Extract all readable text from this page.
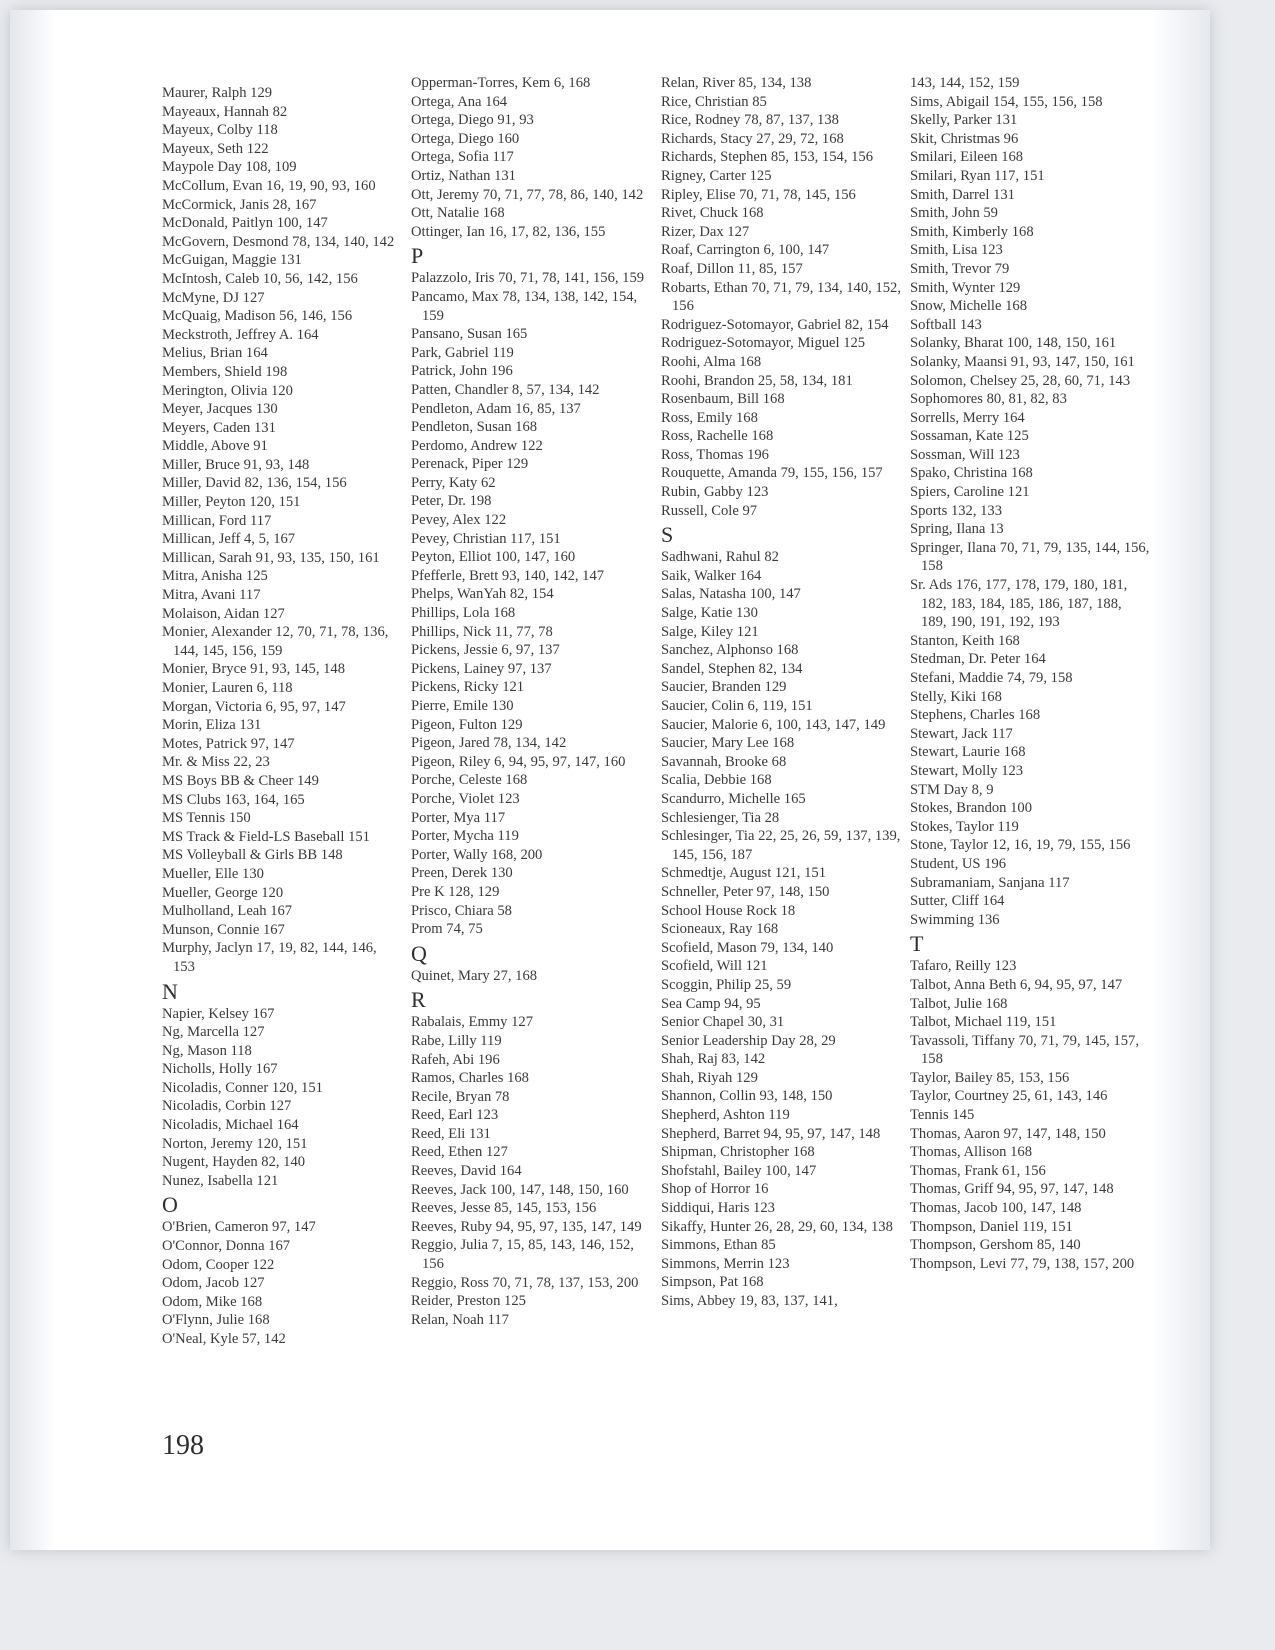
Maurer, Ralph 129
Mayeaux, Hannah 82
Mayeux, Colby 118
Mayeux, Seth 122
Maypole Day 108, 109
McCollum, Evan 16, 19, 90, 93, 160
McCormick, Janis 28, 167
McDonald, Paitlyn 100, 147
McGovern, Desmond 78, 134, 140, 142
McGuigan, Maggie 131
McIntosh, Caleb 10, 56, 142, 156
McMyne, DJ 127
McQuaig, Madison 56, 146, 156
Meckstroth, Jeffrey A. 164
Melius, Brian 164
Members, Shield 198
Merington, Olivia 120
Meyer, Jacques 130
Meyers, Caden 131
Middle, Above 91
Miller, Bruce 91, 93, 148
Miller, David 82, 136, 154, 156
Miller, Peyton 120, 151
Millican, Ford 117
Millican, Jeff 4, 5, 167
Millican, Sarah 91, 93, 135, 150, 161
Mitra, Anisha 125
Mitra, Avani 117
Molaison, Aidan 127
Monier, Alexander 12, 70, 71, 78, 136, 144, 145, 156, 159
Monier, Bryce 91, 93, 145, 148
Monier, Lauren 6, 118
Morgan, Victoria 6, 95, 97, 147
Morin, Eliza 131
Motes, Patrick 97, 147
Mr. & Miss 22, 23
MS Boys BB & Cheer 149
MS Clubs 163, 164, 165
MS Tennis 150
MS Track & Field-LS Baseball 151
MS Volleyball & Girls BB 148
Mueller, Elle 130
Mueller, George 120
Mulholland, Leah 167
Munson, Connie 167
Murphy, Jaclyn 17, 19, 82, 144, 146, 153
N
Napier, Kelsey 167
Ng, Marcella 127
Ng, Mason 118
Nicholls, Holly 167
Nicoladis, Conner 120, 151
Nicoladis, Corbin 127
Nicoladis, Michael 164
Norton, Jeremy 120, 151
Nugent, Hayden 82, 140
Nunez, Isabella 121
O
O'Brien, Cameron 97, 147
O'Connor, Donna 167
Odom, Cooper 122
Odom, Jacob 127
Odom, Mike 168
O'Flynn, Julie 168
O'Neal, Kyle 57, 142
Opperman-Torres, Kem 6, 168
Ortega, Ana 164
Ortega, Diego 91, 93
Ortega, Diego 160
Ortega, Sofia 117
Ortiz, Nathan 131
Ott, Jeremy 70, 71, 77, 78, 86, 140, 142
Ott, Natalie 168
Ottinger, Ian 16, 17, 82, 136, 155
P
Palazzolo, Iris 70, 71, 78, 141, 156, 159
Pancamo, Max 78, 134, 138, 142, 154, 159
Pansano, Susan 165
Park, Gabriel 119
Patrick, John 196
Patten, Chandler 8, 57, 134, 142
Pendleton, Adam 16, 85, 137
Pendleton, Susan 168
Perdomo, Andrew 122
Perenack, Piper 129
Perry, Katy 62
Peter, Dr. 198
Pevey, Alex 122
Pevey, Christian 117, 151
Peyton, Elliot 100, 147, 160
Pfefferle, Brett 93, 140, 142, 147
Phelps, WanYah 82, 154
Phillips, Lola 168
Phillips, Nick 11, 77, 78
Pickens, Jessie 6, 97, 137
Pickens, Lainey 97, 137
Pickens, Ricky 121
Pierre, Emile 130
Pigeon, Fulton 129
Pigeon, Jared 78, 134, 142
Pigeon, Riley 6, 94, 95, 97, 147, 160
Porche, Celeste 168
Porche, Violet 123
Porter, Mya 117
Porter, Mycha 119
Porter, Wally 168, 200
Preen, Derek 130
Pre K 128, 129
Prisco, Chiara 58
Prom 74, 75
Q
Quinet, Mary 27, 168
R
Rabalais, Emmy 127
Rabe, Lilly 119
Rafeh, Abi 196
Ramos, Charles 168
Recile, Bryan 78
Reed, Earl 123
Reed, Eli 131
Reed, Ethen 127
Reeves, David 164
Reeves, Jack 100, 147, 148, 150, 160
Reeves, Jesse 85, 145, 153, 156
Reeves, Ruby 94, 95, 97, 135, 147, 149
Reggio, Julia 7, 15, 85, 143, 146, 152, 156
Reggio, Ross 70, 71, 78, 137, 153, 200
Reider, Preston 125
Relan, Noah 117
Relan, River 85, 134, 138
Rice, Christian 85
Rice, Rodney 78, 87, 137, 138
Richards, Stacy 27, 29, 72, 168
Richards, Stephen 85, 153, 154, 156
Rigney, Carter 125
Ripley, Elise 70, 71, 78, 145, 156
Rivet, Chuck 168
Rizer, Dax 127
Roaf, Carrington 6, 100, 147
Roaf, Dillon 11, 85, 157
Robarts, Ethan 70, 71, 79, 134, 140, 152, 156
Rodriguez-Sotomayor, Gabriel 82, 154
Rodriguez-Sotomayor, Miguel 125
Roohi, Alma 168
Roohi, Brandon 25, 58, 134, 181
Rosenbaum, Bill 168
Ross, Emily 168
Ross, Rachelle 168
Ross, Thomas 196
Rouquette, Amanda 79, 155, 156, 157
Rubin, Gabby 123
Russell, Cole 97
S
Sadhwani, Rahul 82
Saik, Walker 164
Salas, Natasha 100, 147
Salge, Katie 130
Salge, Kiley 121
Sanchez, Alphonso 168
Sandel, Stephen 82, 134
Saucier, Branden 129
Saucier, Colin 6, 119, 151
Saucier, Malorie 6, 100, 143, 147, 149
Saucier, Mary Lee 168
Savannah, Brooke 68
Scalia, Debbie 168
Scandurro, Michelle 165
Schlesienger, Tia 28
Schlesinger, Tia 22, 25, 26, 59, 137, 139, 145, 156, 187
Schmedtje, August 121, 151
Schneller, Peter 97, 148, 150
School House Rock 18
Scioneaux, Ray 168
Scofield, Mason 79, 134, 140
Scofield, Will 121
Scoggin, Philip 25, 59
Sea Camp 94, 95
Senior Chapel 30, 31
Senior Leadership Day 28, 29
Shah, Raj 83, 142
Shah, Riyah 129
Shannon, Collin 93, 148, 150
Shepherd, Ashton 119
Shepherd, Barret 94, 95, 97, 147, 148
Shipman, Christopher 168
Shofstahl, Bailey 100, 147
Shop of Horror 16
Siddiqui, Haris 123
Sikaffy, Hunter 26, 28, 29, 60, 134, 138
Simmons, Ethan 85
Simmons, Merrin 123
Simpson, Pat 168
Sims, Abbey 19, 83, 137, 141,
143, 144, 152, 159
Sims, Abigail 154, 155, 156, 158
Skelly, Parker 131
Skit, Christmas 96
Smilari, Eileen 168
Smilari, Ryan 117, 151
Smith, Darrel 131
Smith, John 59
Smith, Kimberly 168
Smith, Lisa 123
Smith, Trevor 79
Smith, Wynter 129
Snow, Michelle 168
Softball 143
Solanky, Bharat 100, 148, 150, 161
Solanky, Maansi 91, 93, 147, 150, 161
Solomon, Chelsey 25, 28, 60, 71, 143
Sophomores 80, 81, 82, 83
Sorrells, Merry 164
Sossaman, Kate 125
Sossman, Will 123
Spako, Christina 168
Spiers, Caroline 121
Sports 132, 133
Spring, Ilana 13
Springer, Ilana 70, 71, 79, 135, 144, 156, 158
Sr. Ads 176, 177, 178, 179, 180, 181, 182, 183, 184, 185, 186, 187, 188, 189, 190, 191, 192, 193
Stanton, Keith 168
Stedman, Dr. Peter 164
Stefani, Maddie 74, 79, 158
Stelly, Kiki 168
Stephens, Charles 168
Stewart, Jack 117
Stewart, Laurie 168
Stewart, Molly 123
STM Day 8, 9
Stokes, Brandon 100
Stokes, Taylor 119
Stone, Taylor 12, 16, 19, 79, 155, 156
Student, US 196
Subramaniam, Sanjana 117
Sutter, Cliff 164
Swimming 136
T
Tafaro, Reilly 123
Talbot, Anna Beth 6, 94, 95, 97, 147
Talbot, Julie 168
Talbot, Michael 119, 151
Tavassoli, Tiffany 70, 71, 79, 145, 157, 158
Taylor, Bailey 85, 153, 156
Taylor, Courtney 25, 61, 143, 146
Tennis 145
Thomas, Aaron 97, 147, 148, 150
Thomas, Allison 168
Thomas, Frank 61, 156
Thomas, Griff 94, 95, 97, 147, 148
Thomas, Jacob 100, 147, 148
Thompson, Daniel 119, 151
Thompson, Gershom 85, 140
Thompson, Levi 77, 79, 138, 157, 200
198
